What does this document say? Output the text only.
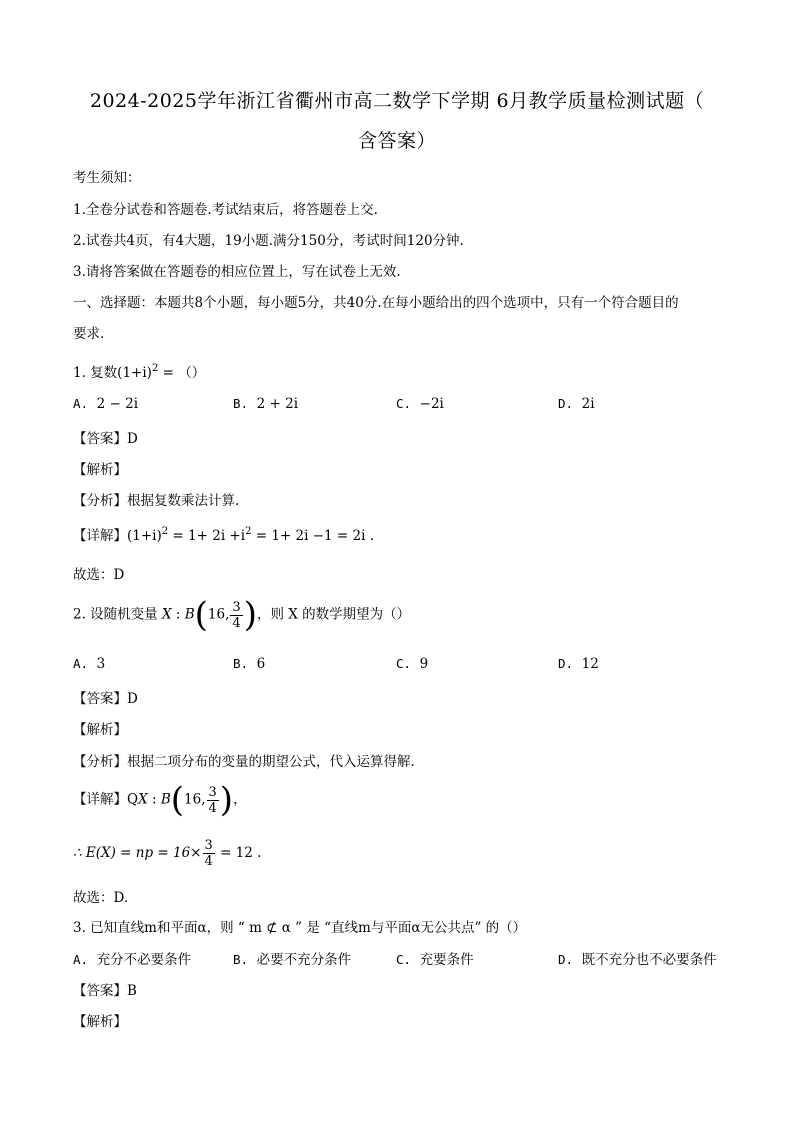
2024-2025学年浙江省衢州市高二数学下学期 6月教学质量检测试题（
含答案）
考生须知：
1.全卷分试卷和答题卷.考试结束后，将答题卷上交.
2.试卷共4页，有4大题，19小题.满分150分，考试时间120分钟.
3.请将答案做在答题卷的相应位置上，写在试卷上无效.
一、选择题：本题共8个小题，每小题5分，共40分.在每小题给出的四个选项中，只有一个符合题目的
要求.
1. 复数$(1+i)^2$ = （）
A. 2 − 2i	B. 2 + 2i	C. −2i	D. 2i
【答案】D
【解析】
【分析】根据复数乘法计算.
【详解】$(1+i)^2 = 1+ 2i +i^2 = 1+ 2i -1 = 2i$ .
故选：D
2. 设随机变量 X : B(16, $\frac{3}{4}$ )，则 X 的数学期望为（）
A. 3	B. 6	C. 9	D. 12
【答案】D
【解析】
【分析】根据二项分布的变量的期望公式，代入运算得解.
【详解】QX : B(16, $\frac{3}{4}$ )，
∴ E(X) = np = $16\times \frac{3}{4} = 12$ .
故选：D.
3. 已知直线m和平面α，则 “ m ⊄ α ” 是 “直线m与平面α无公共点” 的（）
A. 充分不必要条件	B. 必要不充分条件	C. 充要条件	D. 既不充分也不必要条件
【答案】B
【解析】
